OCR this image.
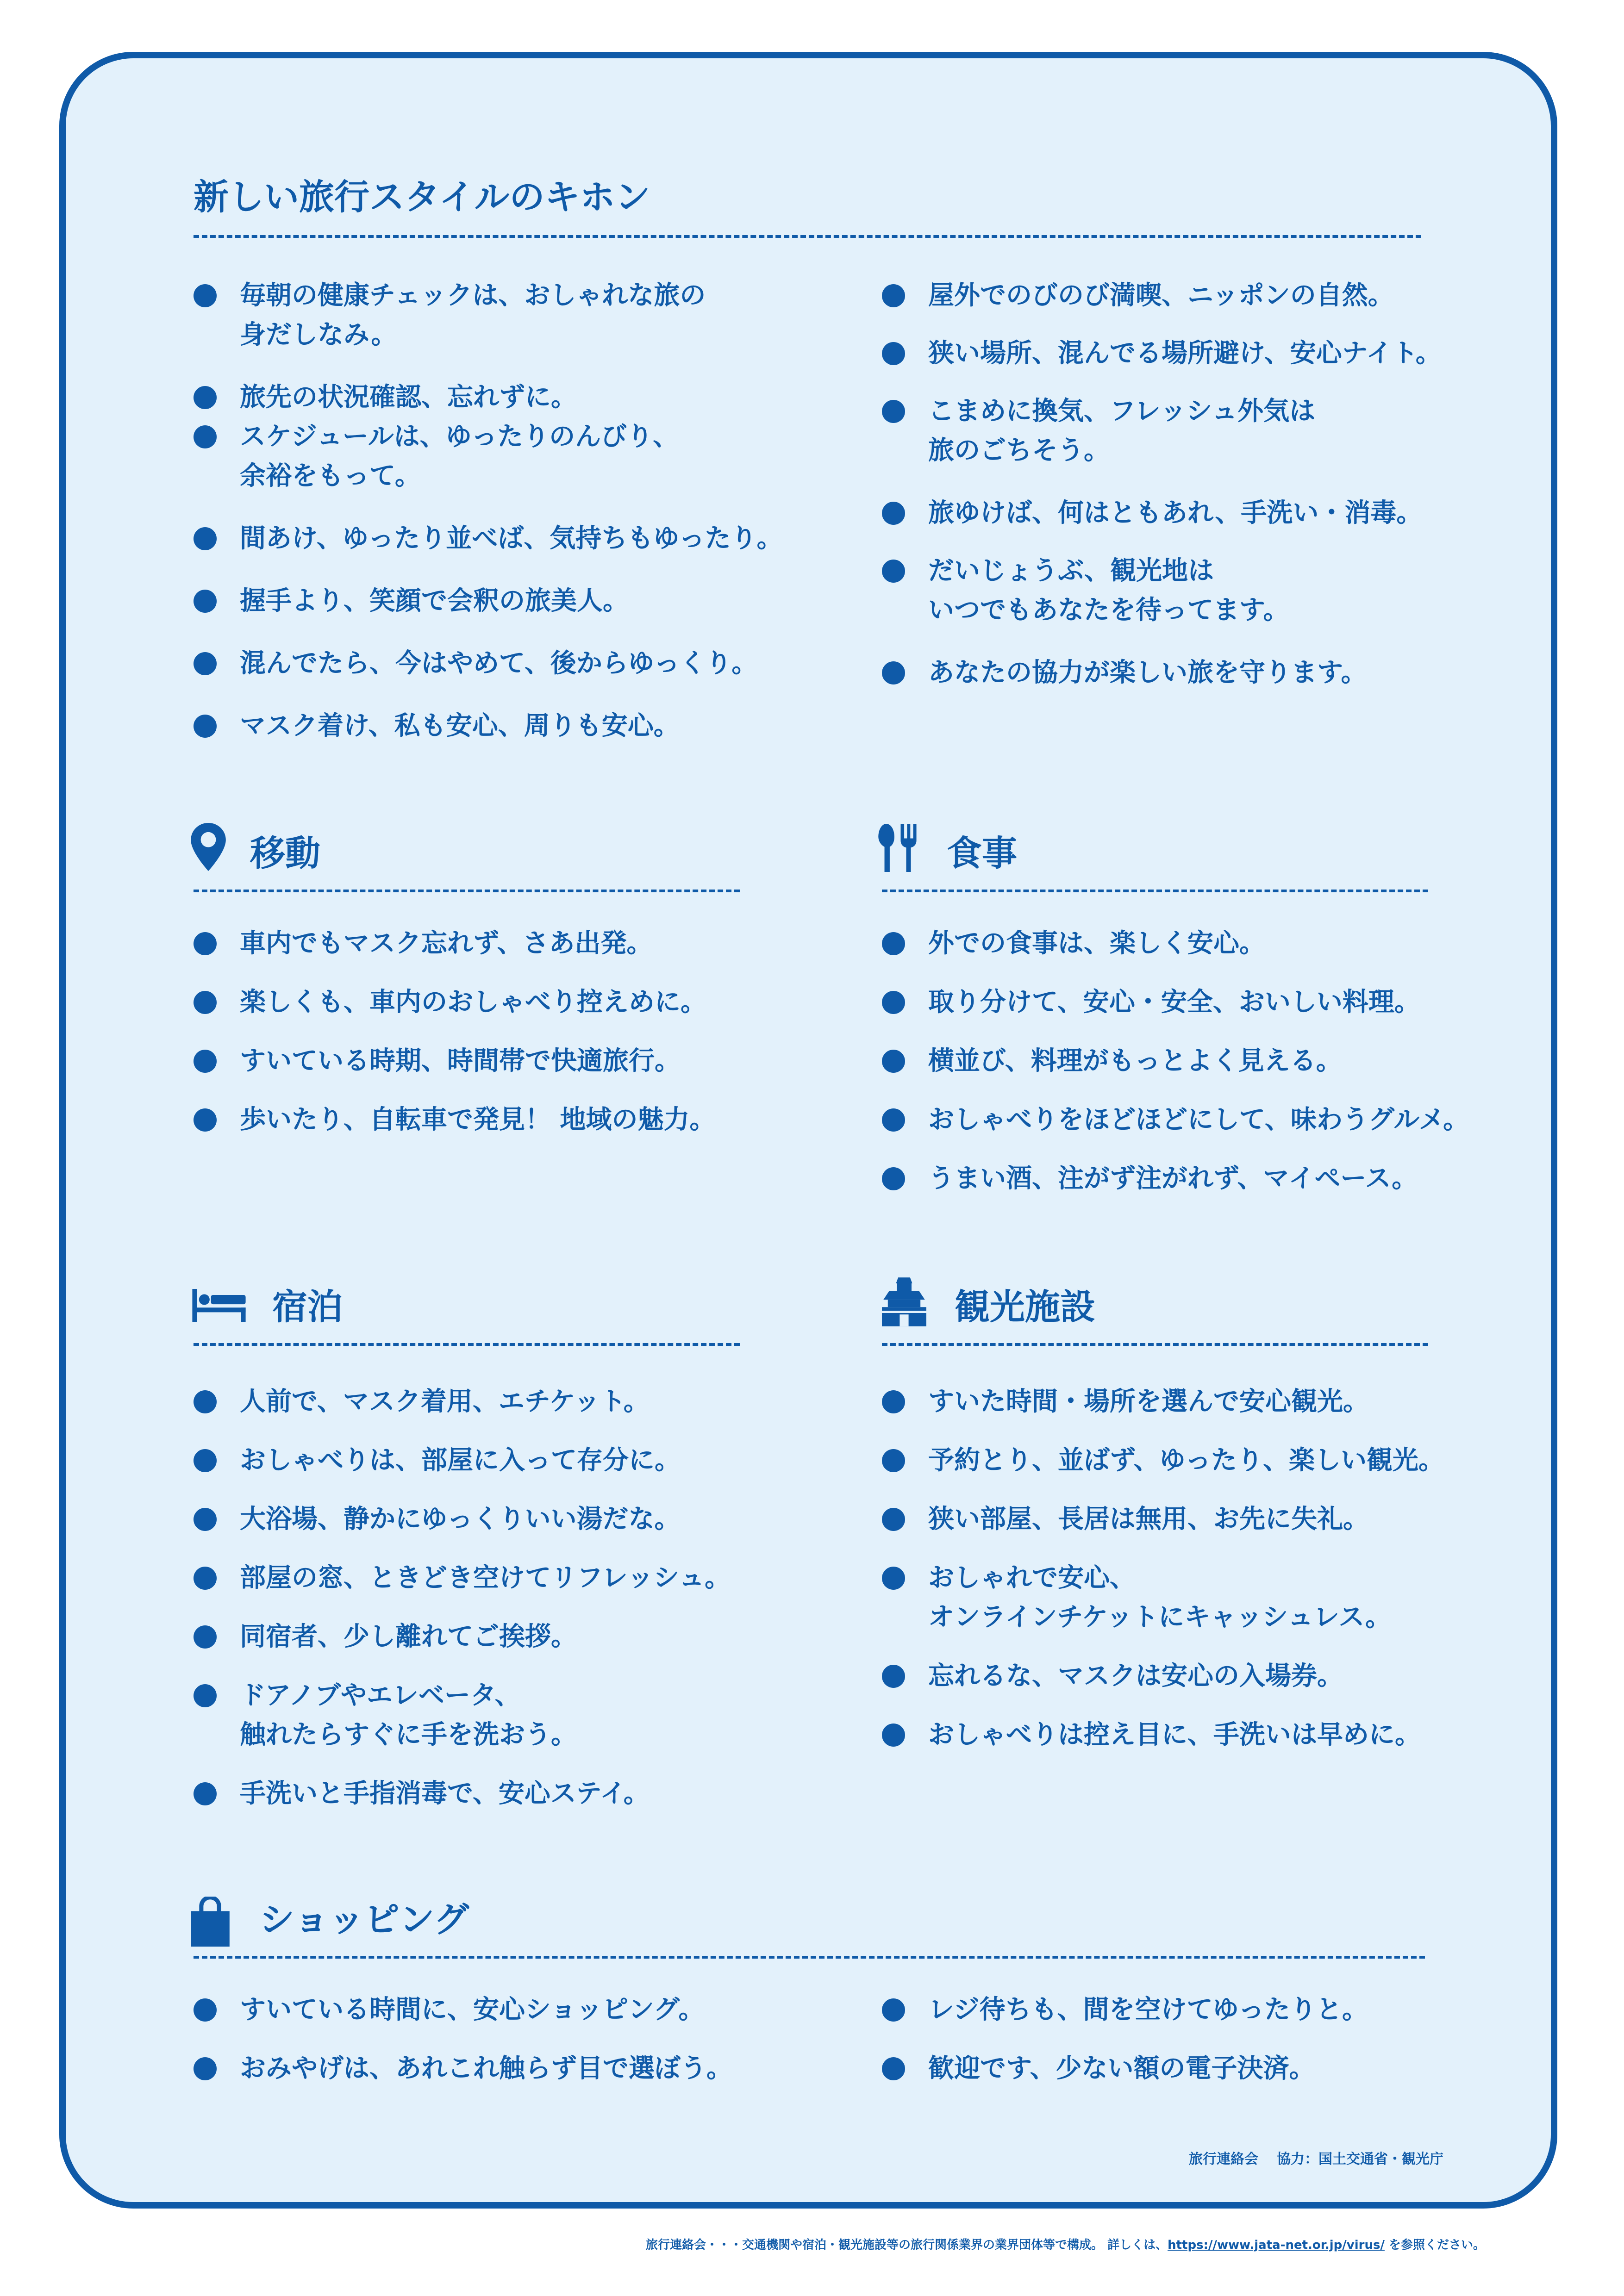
新しい旅行スタイルのキホン
毎朝の健康チェックは、おしゃれな旅の
身だしなみ。
旅先の状況確認、忘れずに。
スケジュールは、ゆったりのんびり、
余裕をもって。
間あけ、ゆったり並べば、気持ちもゆったり。
握手より、笑顔で会釈の旅美人。
混んでたら、今はやめて、後からゆっくり。
マスク着け、私も安心、周りも安心。
屋外でのびのび満喫、ニッポンの自然。
狭い場所、混んでる場所避け、安心ナイト。
こまめに換気、フレッシュ外気は
旅のごちそう。
旅ゆけば、何はともあれ、手洗い・消毒。
だいじょうぶ、観光地は
いつでもあなたを待ってます。
あなたの協力が楽しい旅を守ります。
移動
車内でもマスク忘れず、さあ出発。
楽しくも、車内のおしゃべり控えめに。
すいている時期、時間帯で快適旅行。
歩いたり、自転車で発見！ 地域の魅力。
食事
外での食事は、楽しく安心。
取り分けて、安心・安全、おいしい料理。
横並び、料理がもっとよく見える。
おしゃべりをほどほどにして、味わうグルメ。
うまい酒、注がず注がれず、マイペース。
宿泊
人前で、マスク着用、エチケット。
おしゃべりは、部屋に入って存分に。
大浴場、静かにゆっくりいい湯だな。
部屋の窓、ときどき空けてリフレッシュ。
同宿者、少し離れてご挨拶。
ドアノブやエレベータ、
触れたらすぐに手を洗おう。
手洗いと手指消毒で、安心ステイ。
観光施設
すいた時間・場所を選んで安心観光。
予約とり、並ばず、ゆったり、楽しい観光。
狭い部屋、長居は無用、お先に失礼。
おしゃれで安心、
オンラインチケットにキャッシュレス。
忘れるな、マスクは安心の入場券。
おしゃべりは控え目に、手洗いは早めに。
ショッピング
すいている時間に、安心ショッピング。
おみやげは、あれこれ触らず目で選ぼう。
レジ待ちも、間を空けてゆったりと。
歓迎です、少ない額の電子決済。
旅行連絡会 協力：国土交通省・観光庁
旅行連絡会・・・交通機関や宿泊・観光施設等の旅行関係業界の業界団体等で構成。 詳しくは、https://www.jata-net.or.jp/virus/ を参照ください。
